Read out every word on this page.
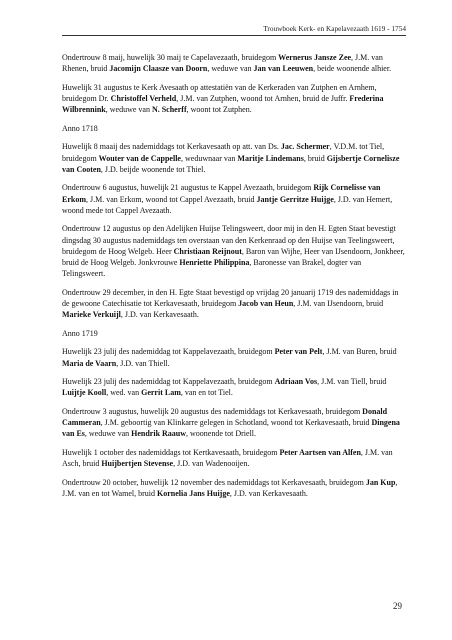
Trouwboek Kerk- en Kapelavezaath 1619 - 1754

Ondertrouw 8 maij, huwelijk 30 maij te Capelavezaath, bruidegom Wernerus Jansze Zee, J.M. van Rhenen, bruid Jacomijn Claasze van Doorn, weduwe van Jan van Leeuwen, beide woonende alhier.

Huwelijk 31 augustus te Kerk Avesaath op attestatiën van de Kerkeraden van Zutphen en Arnhem, bruidegom Dr. Christoffel Verheld, J.M. van Zutphen, woond tot Arnhen, bruid de Juffr. Frederina Wilbrennink, weduwe van N. Scherff, woont tot Zutphen.

Anno 1718

Huwelijk 8 maaij des nademiddags tot Kerkavesaath op att. van Ds. Jac. Schermer, V.D.M. tot Tiel, bruidegom Wouter van de Cappelle, weduwnaar van Maritje Lindemans, bruid Gijsbertje Cornelisze van Cooten, J.D. beijde woonende tot Thiel.

Ondertrouw 6 augustus, huwelijk 21 augustus te Kappel Avezaath, bruidegom Rijk Cornelisse van Erkom, J.M. van Erkom, woond tot Cappel Avezaath, bruid Jantje Gerritze Huijge, J.D. van Hemert, woond mede tot Cappel Avezaath.

Ondertrouw 12 augustus op den Adelijken Huijse Telingsweert, door mij in den H. Egten Staat bevestigt dingsdag 30 augustus nademiddags ten overstaan van den Kerkenraad op den Huijse van Teelingsweert, bruidegom de Hoog Welgeb. Heer Christiaan Reijnout, Baron van Wijhe, Heer van IJsendoorn, Jonkheer, bruid de Hoog Welgeb. Jonkvrouwe Henriette Philippina, Baronesse van Brakel, dogter van Telingsweert.

Ondertrouw 29 december, in den H. Egte Staat bevestigd op vrijdag 20 januarij 1719 des nademiddags in de gewoone Catechisatie tot Kerkavesaath, bruidegom Jacob van Heun, J.M. van IJsendoorn, bruid Marieke Verkuijl, J.D. van Kerkavesaath.

Anno 1719

Huwelijk 23 julij des nademiddag tot Kappelavezaath, bruidegom Peter van Pelt, J.M. van Buren, bruid Maria de Vaarn, J.D. van Thiell.

Huwelijk 23 julij des nademiddag tot Kappelavezaath, bruidegom Adriaan Vos, J.M. van Tiell, bruid Luijtje Kooll, wed. van Gerrit Lam, van en tot Tiel.

Ondertrouw 3 augustus, huwelijk 20 augustus des nademiddags tot Kerkavesaath, bruidegom Donald Cammeran, J.M. geboortig van Klinkarre gelegen in Schotland, woond tot Kerkavesaath, bruid Dingena van Es, weduwe van Hendrik Raauw, woonende tot Driell.

Huwelijk 1 october des nademiddags tot Kertkavesaath, bruidegom Peter Aartsen van Alfen, J.M. van Asch, bruid Huijbertjen Stevense, J.D. van Wadenooijen.

Ondertrouw 20 october, huwelijk 12 november des nademiddags tot Kerkavesaath, bruidegom Jan Kup, J.M. van en tot Wamel, bruid Kornelia Jans Huijge, J.D. van Kerkavesaath.

29
